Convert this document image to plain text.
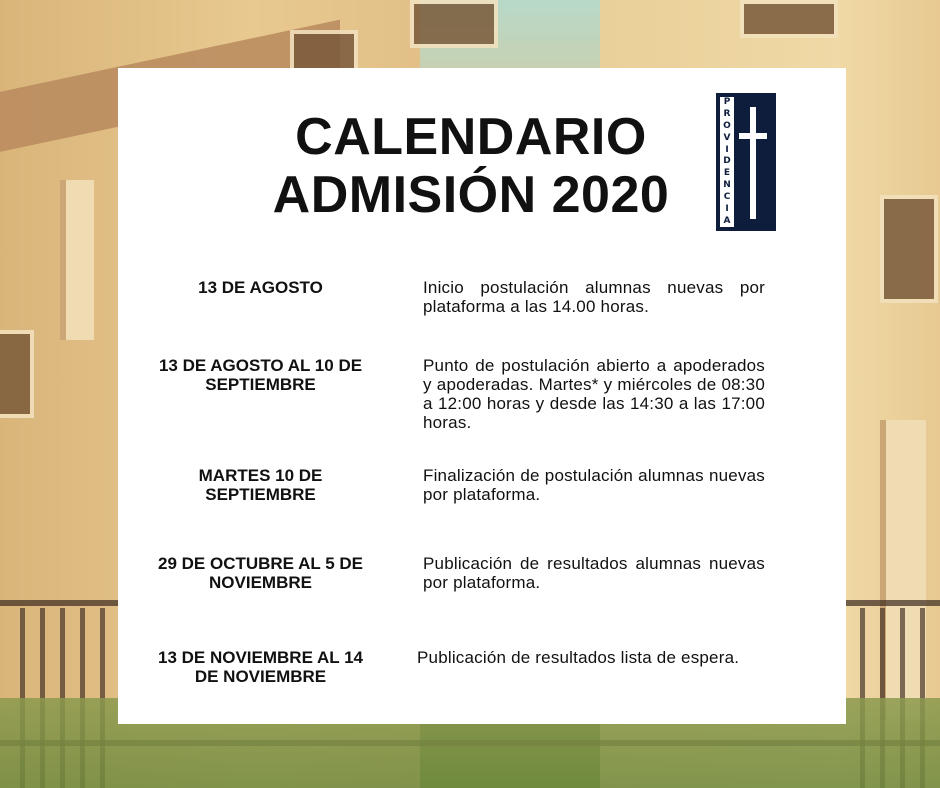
CALENDARIO
ADMISIÓN 2020
P
R
O
V
I
D
E
N
C
I
A
13 DE AGOSTO	Inicio postulación alumnas nuevas por plataforma a las 14.00 horas.
13 DE AGOSTO AL 10 DE SEPTIEMBRE
Punto de postulación abierto a apoderados y apoderadas. Martes* y miércoles de 08:30 a 12:00 horas y desde las 14:30 a las 17:00 horas.
MARTES 10 DE SEPTIEMBRE
Finalización de postulación alumnas nuevas por plataforma.
29 DE OCTUBRE AL 5 DE NOVIEMBRE
Publicación de resultados alumnas nuevas por plataforma.
13 DE NOVIEMBRE AL 14 DE NOVIEMBRE
Publicación de resultados lista de espera.
